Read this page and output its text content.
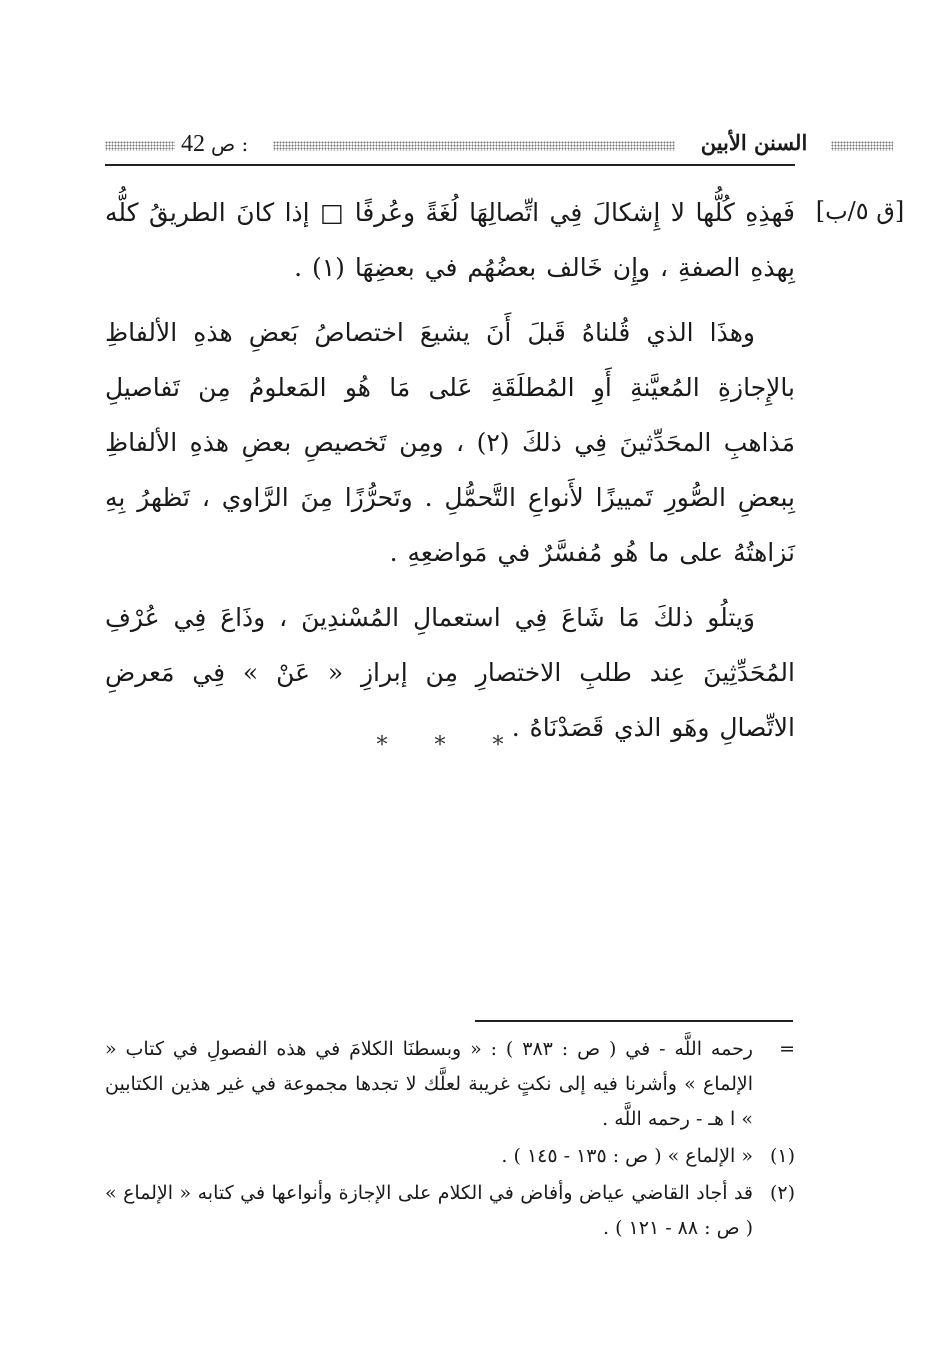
42 ص :	السنن الأبين
[ق ٥/ب]

فَهذِهِ كُلُّها لا إِشكالَ فِي اتِّصالِهَا لُغَةً وعُرفًا □ إذا كانَ الطريقُ كلُّه بِهذهِ الصفةِ ، وإِن خَالف بعضُهُم في بعضِهَا (١) .

وهذَا الذي قُلناهُ قَبلَ أَنَ يشيعَ اختصاصُ بَعضِ هذهِ الألفاظِ بالإِجازةِ المُعيَّنةِ أَوِ المُطلَقَةِ عَلى مَا هُو المَعلومُ مِن تَفاصيلِ مَذاهبِ المحَدِّثينَ فِي ذلكَ (٢) ، ومِن تَخصيصِ بعضِ هذهِ الألفاظِ بِبعضِ الصُّورِ تَمييزًا لأَنواعِ التَّحمُّلِ . وتَحرُّزًا مِنَ الرَّاوي ، تَظهرُ بِهِ نَزاهتُهُ على ما هُو مُفسَّرٌ في مَواضعِهِ .

وَيتلُو ذلكَ مَا شَاعَ فِي استعمالِ المُسْندِينَ ، وذَاعَ فِي عُرْفِ المُحَدِّثِينَ عِند طلبِ الاختصارِ مِن إبرازِ « عَنْ » فِي مَعرضِ الاتِّصالِ وهَو الذي قَصَدْنَاهُ .

* * *
=
رحمه اللَّه - في ( ص : ٣٨٣ ) : « وبسطنَا الكلامَ في هذه الفصولِ في كتاب « الإلماع » وأشرنا فيه إلى نكتٍ غريبة لعلَّك لا تجدها مجموعة في غير هذين الكتابين » ا هـ - رحمه اللَّه .
(١)
« الإلماع » ( ص : ١٣٥ - ١٤٥ ) .
(٢)
قد أجاد القاضي عياض وأفاض في الكلام على الإجازة وأنواعها في كتابه « الإلماع » ( ص : ٨٨ - ١٢١ ) .
